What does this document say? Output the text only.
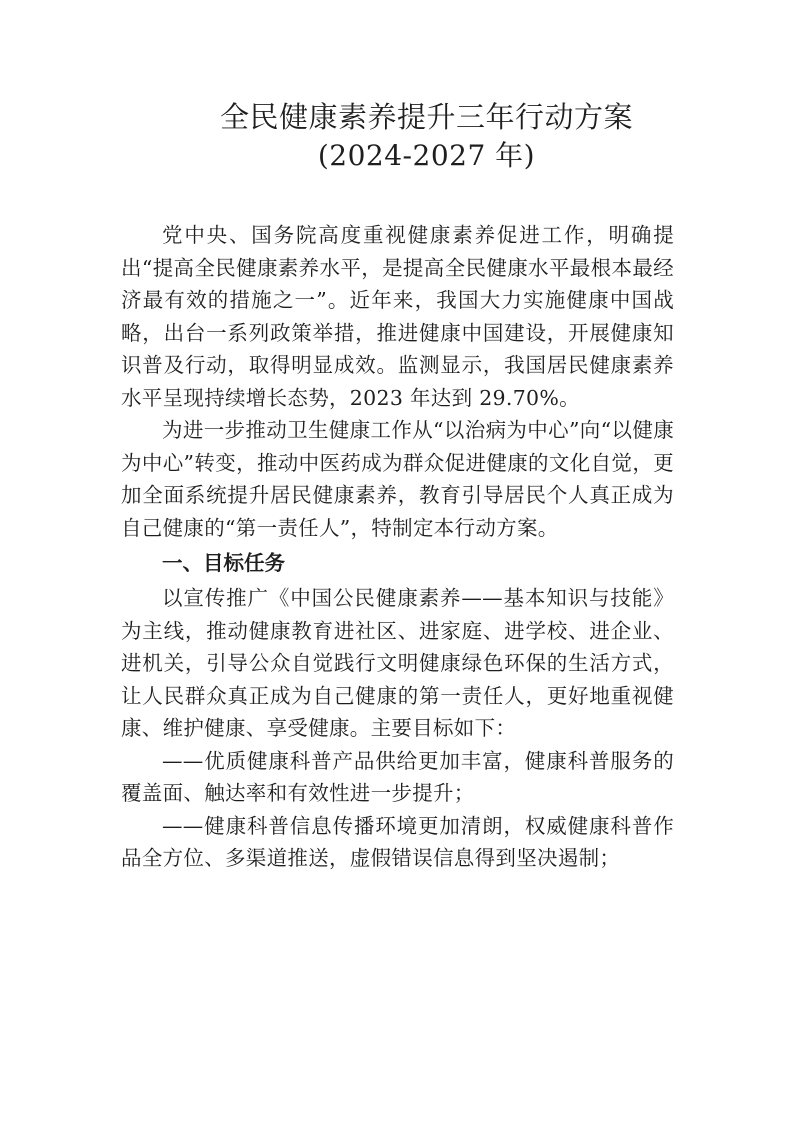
全民健康素养提升三年行动方案
(2024-2027 年)

党中央、国务院高度重视健康素养促进工作，明确提出“提高全民健康素养水平，是提高全民健康水平最根本最经济最有效的措施之一”。近年来，我国大力实施健康中国战略，出台一系列政策举措，推进健康中国建设，开展健康知识普及行动，取得明显成效。监测显示，我国居民健康素养水平呈现持续增长态势，2023 年达到 29.70%。

为进一步推动卫生健康工作从“以治病为中心”向“以健康为中心”转变，推动中医药成为群众促进健康的文化自觉，更加全面系统提升居民健康素养，教育引导居民个人真正成为自己健康的“第一责任人”，特制定本行动方案。

一、目标任务

以宣传推广《中国公民健康素养——基本知识与技能》为主线，推动健康教育进社区、进家庭、进学校、进企业、进机关，引导公众自觉践行文明健康绿色环保的生活方式，让人民群众真正成为自己健康的第一责任人，更好地重视健康、维护健康、享受健康。主要目标如下：

——优质健康科普产品供给更加丰富，健康科普服务的覆盖面、触达率和有效性进一步提升；

——健康科普信息传播环境更加清朗，权威健康科普作品全方位、多渠道推送，虚假错误信息得到坚决遏制；
